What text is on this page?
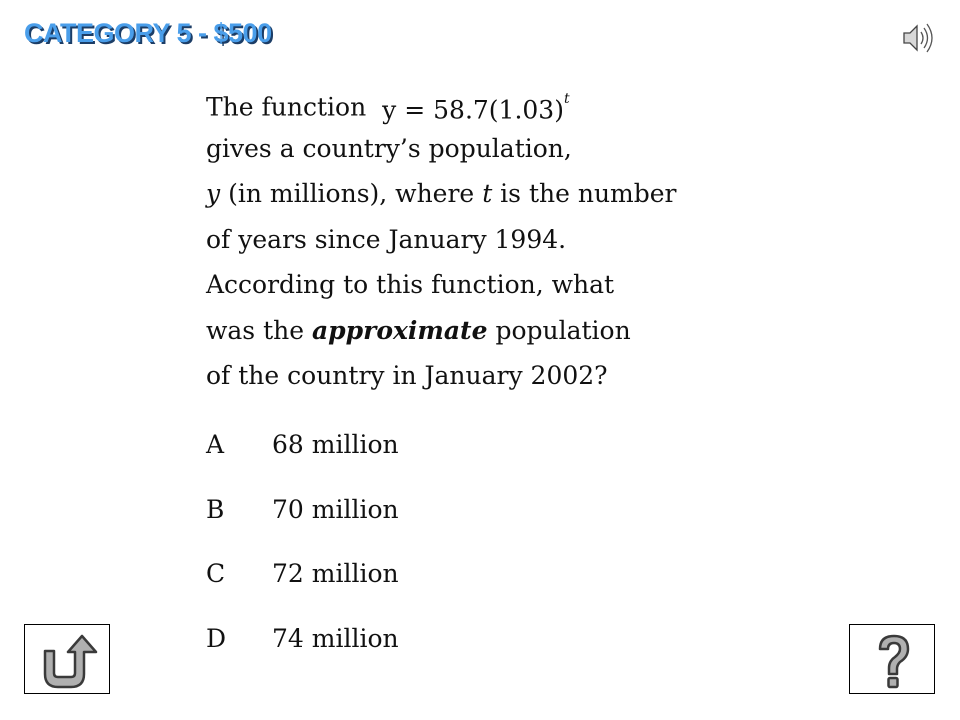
CATEGORY 5 - $500
The function $y = 58.7(1.03)^t$
gives a country’s population,
y (in millions), where t is the number
of years since January 1994.
According to this function, what
was the approximate population
of the country in January 2002?
A	68 million
B	70 million
C	72 million
D	74 million
